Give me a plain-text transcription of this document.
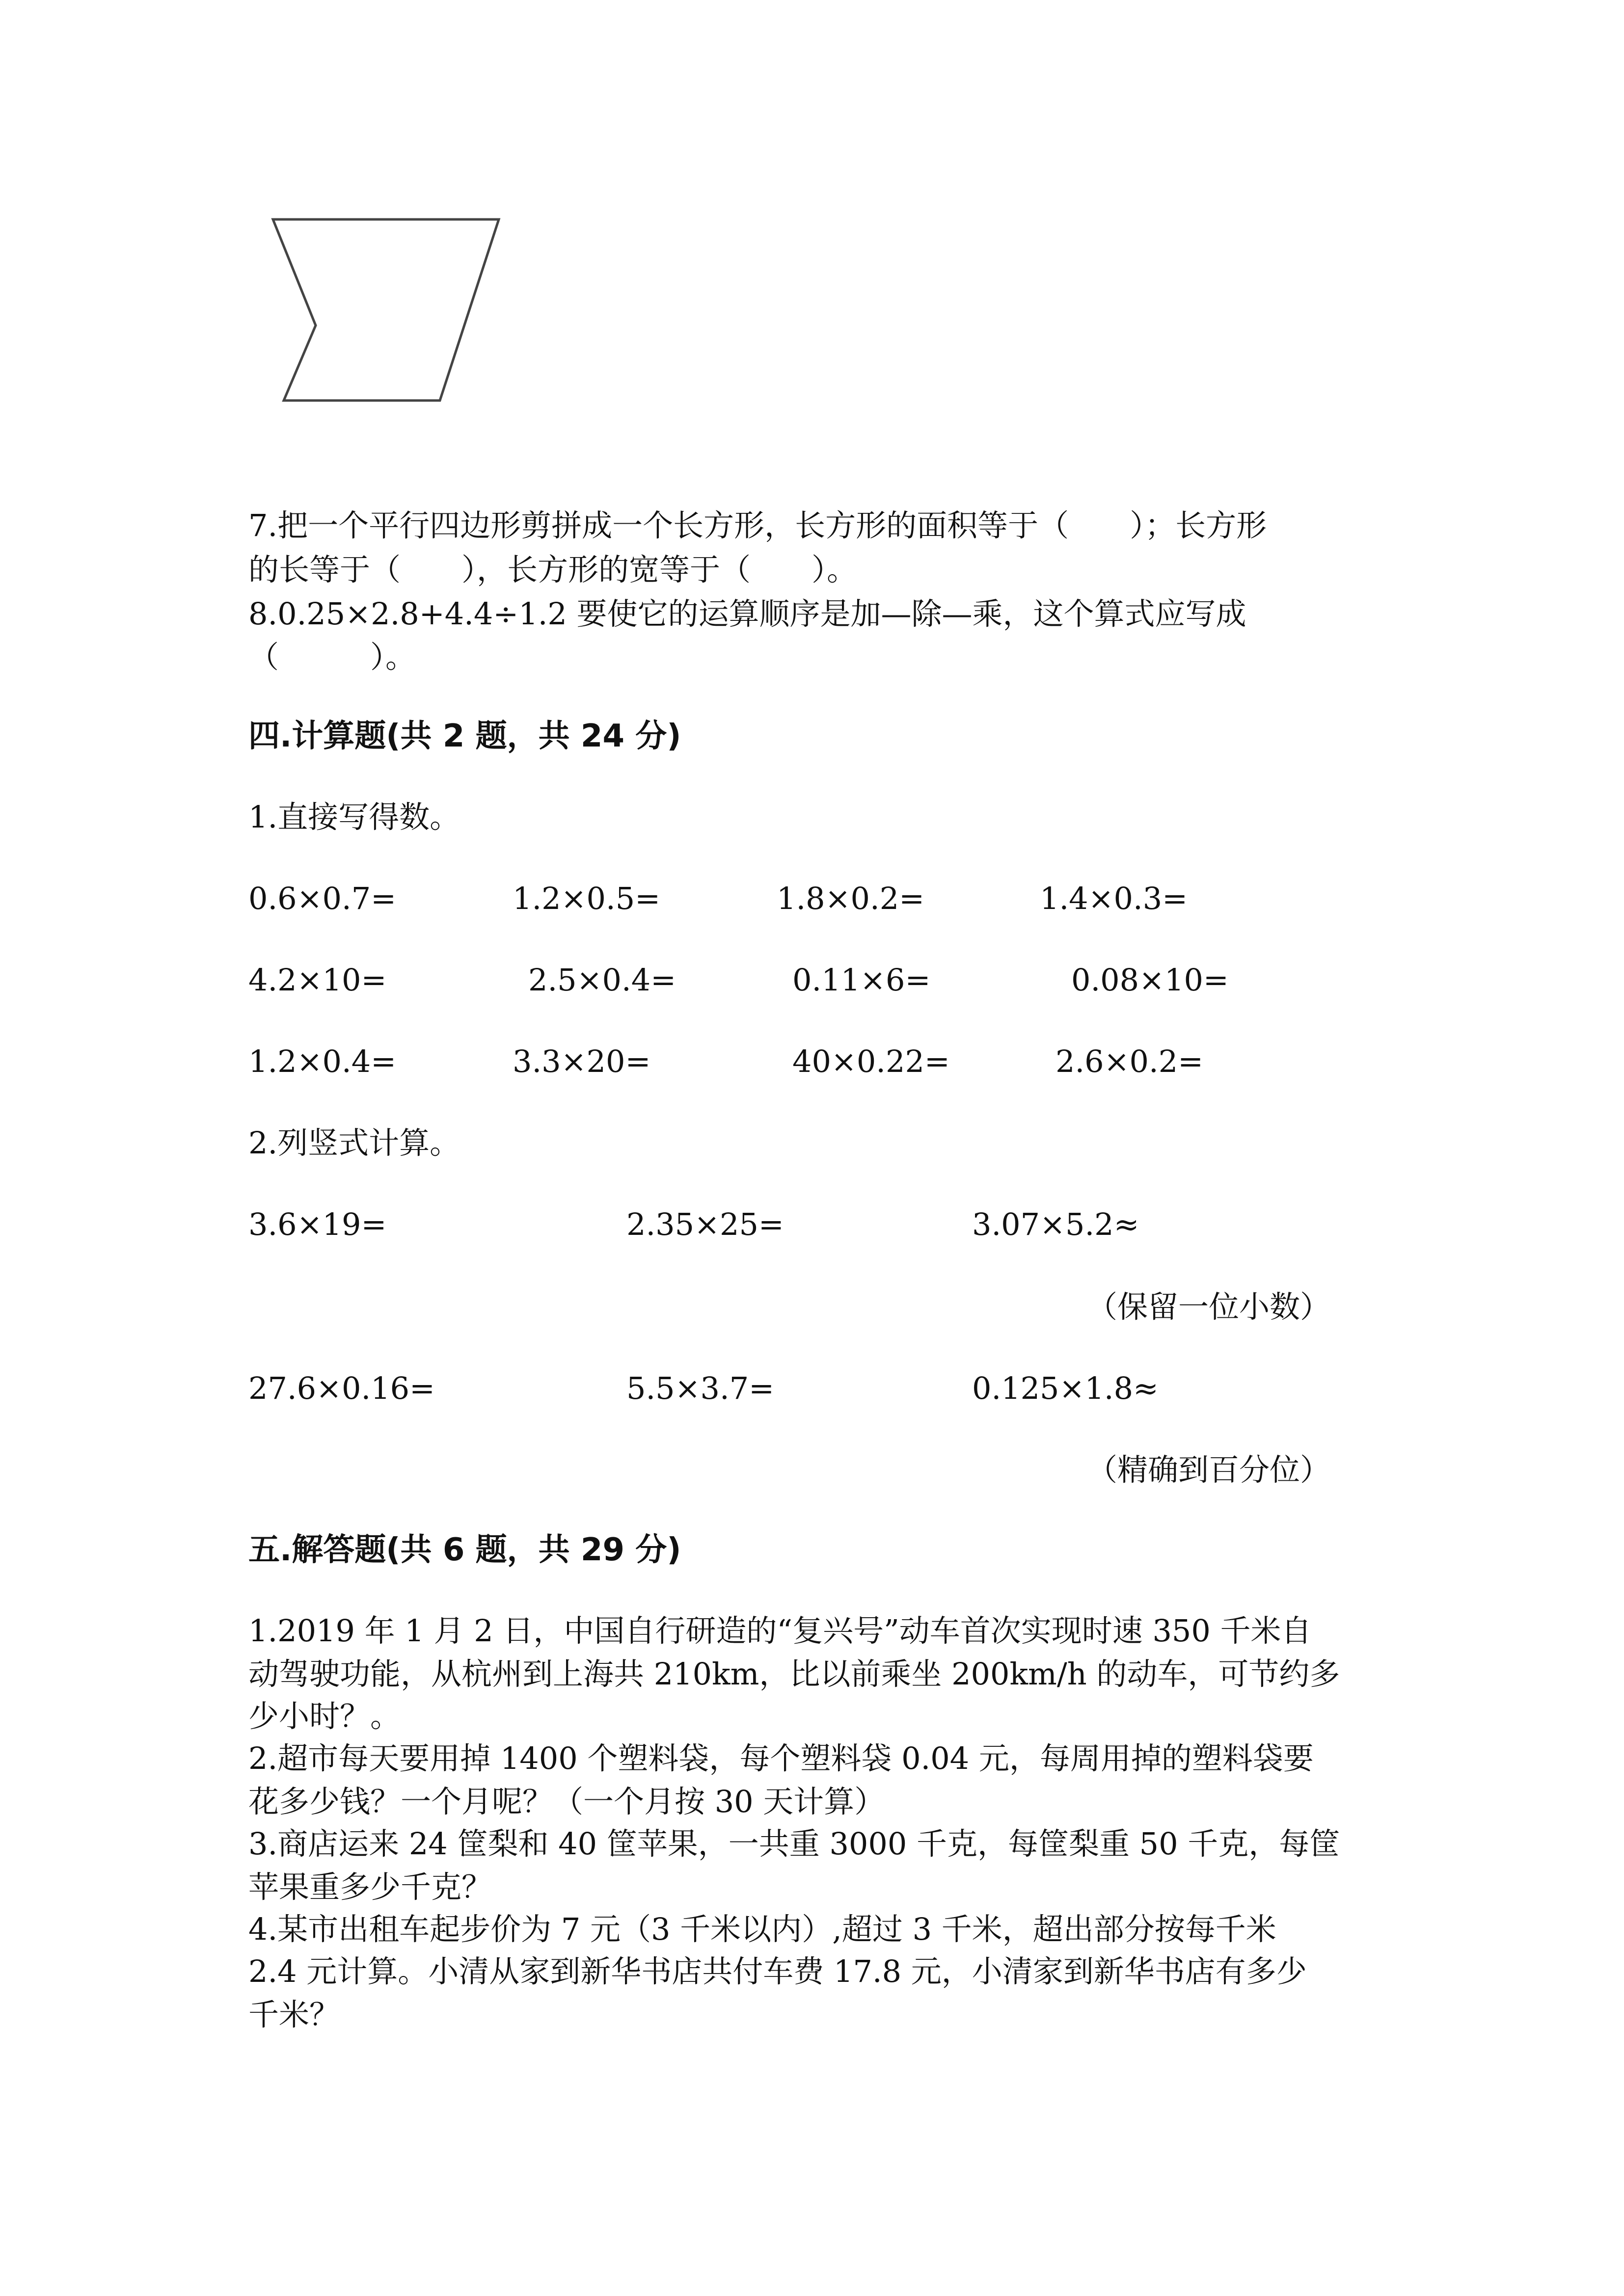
7.把一个平行四边形剪拼成一个长方形，长方形的面积等于（　　）；长方形
的长等于（　　），长方形的宽等于（　　）。
8.0.25×2.8+4.4÷1.2 要使它的运算顺序是加—除—乘，这个算式应写成
（　　　）。
四.计算题(共 2 题，共 24 分)
1.直接写得数。
0.6×0.7=	1.2×0.5=	1.8×0.2=	1.4×0.3=
4.2×10=	2.5×0.4=	0.11×6=	0.08×10=
1.2×0.4=	3.3×20=	40×0.22=	2.6×0.2=
2.列竖式计算。
3.6×19=	2.35×25=	3.07×5.2≈
（保留一位小数）
27.6×0.16=	5.5×3.7=	0.125×1.8≈
（精确到百分位）
五.解答题(共 6 题，共 29 分)
1.2019 年 1 月 2 日，中国自行研造的“复兴号”动车首次实现时速 350 千米自
动驾驶功能，从杭州到上海共 210km，比以前乘坐 200km/h 的动车，可节约多
少小时？。
2.超市每天要用掉 1400 个塑料袋，每个塑料袋 0.04 元，每周用掉的塑料袋要
花多少钱？一个月呢？（一个月按 30 天计算）
3.商店运来 24 筐梨和 40 筐苹果，一共重 3000 千克，每筐梨重 50 千克，每筐
苹果重多少千克？
4.某市出租车起步价为 7 元（3 千米以内）,超过 3 千米，超出部分按每千米
2.4 元计算。小清从家到新华书店共付车费 17.8 元，小清家到新华书店有多少
千米？
